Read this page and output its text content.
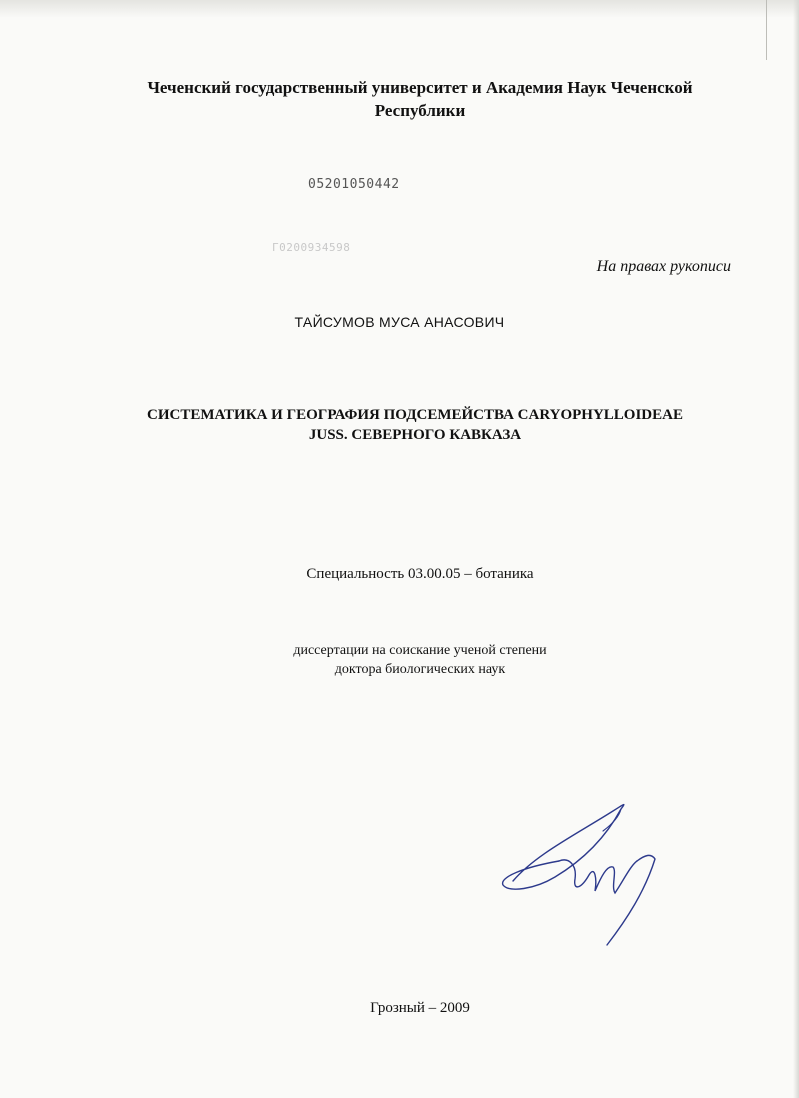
Чеченский государственный университет и Академия Наук Чеченской
Республики
05201050442
Г0200934598
На правах рукописи
ТАЙСУМОВ МУСА АНАСОВИЧ
СИСТЕМАТИКА И ГЕОГРАФИЯ ПОДСЕМЕЙСТВА CARYOPHYLLOIDEAE
JUSS. СЕВЕРНОГО КАВКАЗА
Специальность 03.00.05 – ботаника
диссертации на соискание ученой степени
доктора биологических наук
Грозный – 2009
